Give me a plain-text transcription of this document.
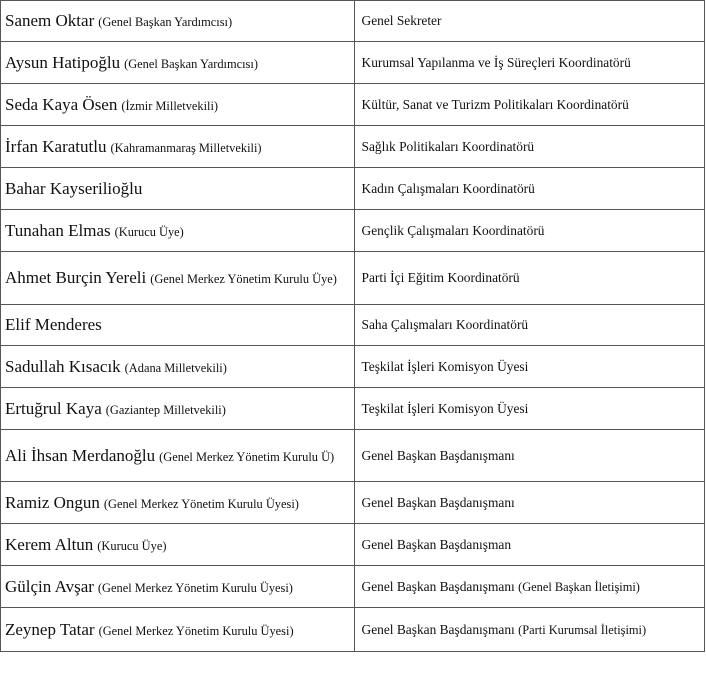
Sanem Oktar (Genel Başkan Yardımcısı)	Genel Sekreter
Aysun Hatipoğlu (Genel Başkan Yardımcısı)	Kurumsal Yapılanma ve İş Süreçleri Koordinatörü
Seda Kaya Ösen (İzmir Milletvekili)	Kültür, Sanat ve Turizm Politikaları Koordinatörü
İrfan Karatutlu (Kahramanmaraş Milletvekili)	Sağlık Politikaları Koordinatörü
Bahar Kayserilioğlu	Kadın Çalışmaları Koordinatörü
Tunahan Elmas (Kurucu Üye)	Gençlik Çalışmaları Koordinatörü
Ahmet Burçin Yereli (Genel Merkez Yönetim Kurulu Üye)	Parti İçi Eğitim Koordinatörü
Elif Menderes	Saha Çalışmaları Koordinatörü
Sadullah Kısacık (Adana Milletvekili)	Teşkilat İşleri Komisyon Üyesi
Ertuğrul Kaya (Gaziantep Milletvekili)	Teşkilat İşleri Komisyon Üyesi
Ali İhsan Merdanoğlu (Genel Merkez Yönetim Kurulu Ü)	Genel Başkan Başdanışmanı
Ramiz Ongun (Genel Merkez Yönetim Kurulu Üyesi)	Genel Başkan Başdanışmanı
Kerem Altun (Kurucu Üye)	Genel Başkan Başdanışman
Gülçin Avşar (Genel Merkez Yönetim Kurulu Üyesi)	Genel Başkan Başdanışmanı (Genel Başkan İletişimi)
Zeynep Tatar (Genel Merkez Yönetim Kurulu Üyesi)	Genel Başkan Başdanışmanı (Parti Kurumsal İletişimi)
